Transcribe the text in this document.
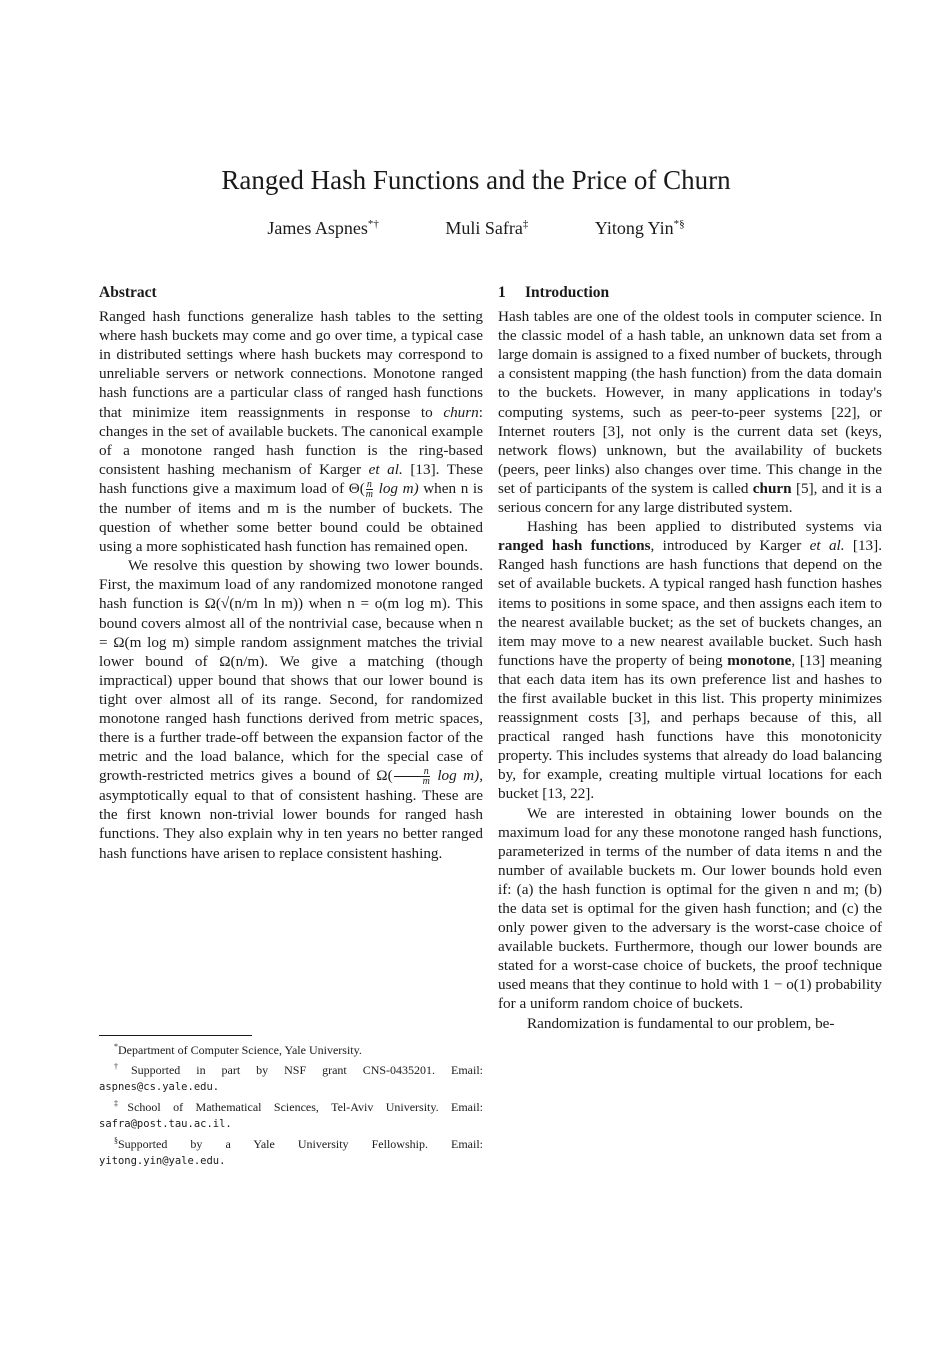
Ranged Hash Functions and the Price of Churn
James Aspnes*†	Muli Safra‡	Yitong Yin*§
Abstract

Ranged hash functions generalize hash tables to the setting where hash buckets may come and go over time, a typical case in distributed settings where hash buckets may correspond to unreliable servers or network connections. Monotone ranged hash functions are a particular class of ranged hash functions that minimize item reassignments in response to churn: changes in the set of available buckets. The canonical example of a monotone ranged hash function is the ring-based consistent hashing mechanism of Karger et al. [13]. These hash functions give a maximum load of $\Theta( \frac{n}{m}$ log m) when n is the number of items and m is the number of buckets. The question of whether some better bound could be obtained using a more sophisticated hash function has remained open.

We resolve this question by showing two lower bounds. First, the maximum load of any randomized monotone ranged hash function is Ω(√(n/m ln m)) when n = o(m log m). This bound covers almost all of the nontrivial case, because when n = Ω(m log m) simple random assignment matches the trivial lower bound of Ω(n/m). We give a matching (though impractical) upper bound that shows that our lower bound is tight over almost all of its range. Second, for randomized monotone ranged hash functions derived from metric spaces, there is a further trade-off between the expansion factor of the metric and the load balance, which for the special case of growth-restricted metrics gives a bound of $\Omega( \frac{n}{m}$ log m), asymptotically equal to that of consistent hashing. These are the first known non-trivial lower bounds for ranged hash functions. They also explain why in ten years no better ranged hash functions have arisen to replace consistent hashing.

*Department of Computer Science, Yale University.

†Supported in part by NSF grant CNS-0435201. Email: aspnes@cs.yale.edu.

‡School of Mathematical Sciences, Tel-Aviv University. Email: safra@post.tau.ac.il.

§Supported by a Yale University Fellowship. Email: yitong.yin@yale.edu.

1 Introduction

Hash tables are one of the oldest tools in computer science. In the classic model of a hash table, an unknown data set from a large domain is assigned to a fixed number of buckets, through a consistent mapping (the hash function) from the data domain to the buckets. However, in many applications in today's computing systems, such as peer-to-peer systems [22], or Internet routers [3], not only is the current data set (keys, network flows) unknown, but the availability of buckets (peers, peer links) also changes over time. This change in the set of participants of the system is called churn [5], and it is a serious concern for any large distributed system.

Hashing has been applied to distributed systems via ranged hash functions, introduced by Karger et al. [13]. Ranged hash functions are hash functions that depend on the set of available buckets. A typical ranged hash function hashes items to positions in some space, and then assigns each item to the nearest available bucket; as the set of buckets changes, an item may move to a new nearest available bucket. Such hash functions have the property of being monotone, [13] meaning that each data item has its own preference list and hashes to the first available bucket in this list. This property minimizes reassignment costs [3], and perhaps because of this, all practical ranged hash functions have this monotonicity property. This includes systems that already do load balancing by, for example, creating multiple virtual locations for each bucket [13, 22].

We are interested in obtaining lower bounds on the maximum load for any these monotone ranged hash functions, parameterized in terms of the number of data items n and the number of available buckets m. Our lower bounds hold even if: (a) the hash function is optimal for the given n and m; (b) the data set is optimal for the given hash function; and (c) the only power given to the adversary is the worst-case choice of available buckets. Furthermore, though our lower bounds are stated for a worst-case choice of buckets, the proof technique used means that they continue to hold with 1 − o(1) probability for a uniform random choice of buckets.

Randomization is fundamental to our problem, be-
